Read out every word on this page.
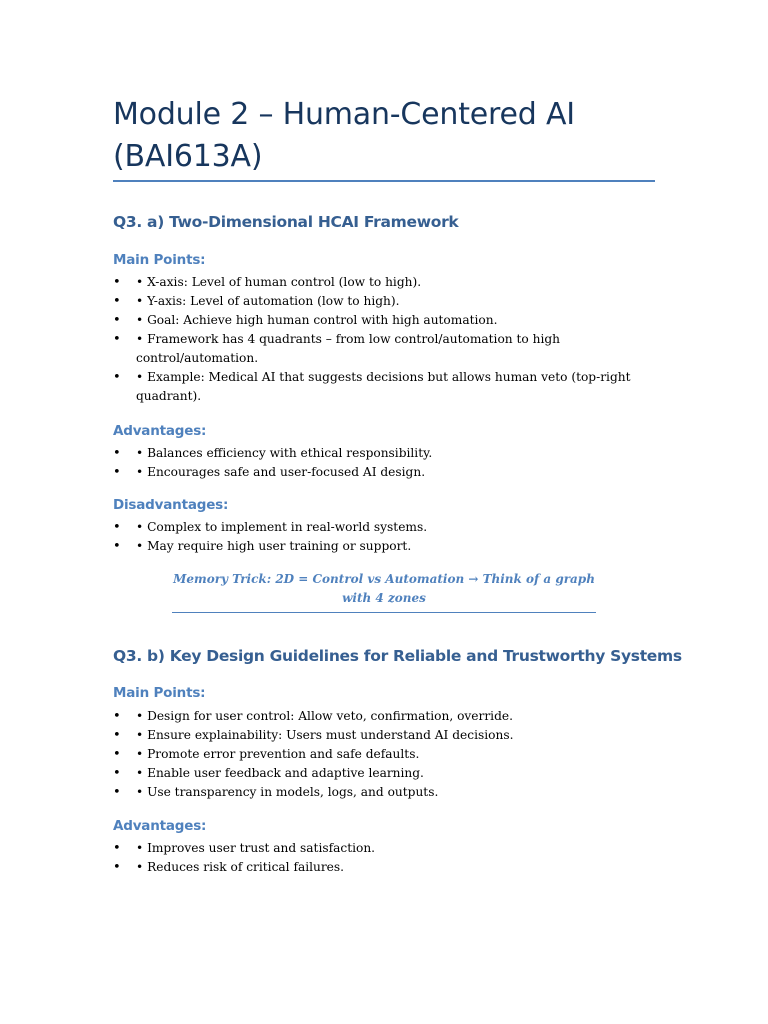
Module 2 – Human-Centered AI (BAI613A)
Q3. a) Two-Dimensional HCAI Framework
Main Points:
• • X-axis: Level of human control (low to high).
• • Y-axis: Level of automation (low to high).
• • Goal: Achieve high human control with high automation.
• • Framework has 4 quadrants – from low control/automation to high control/automation.
• • Example: Medical AI that suggests decisions but allows human veto (top-right quadrant).
Advantages:
• • Balances efficiency with ethical responsibility.
• • Encourages safe and user-focused AI design.
Disadvantages:
• • Complex to implement in real-world systems.
• • May require high user training or support.
Memory Trick: 2D = Control vs Automation → Think of a graph with 4 zones
Q3. b) Key Design Guidelines for Reliable and Trustworthy Systems
Main Points:
• • Design for user control: Allow veto, confirmation, override.
• • Ensure explainability: Users must understand AI decisions.
• • Promote error prevention and safe defaults.
• • Enable user feedback and adaptive learning.
• • Use transparency in models, logs, and outputs.
Advantages:
• • Improves user trust and satisfaction.
• • Reduces risk of critical failures.
